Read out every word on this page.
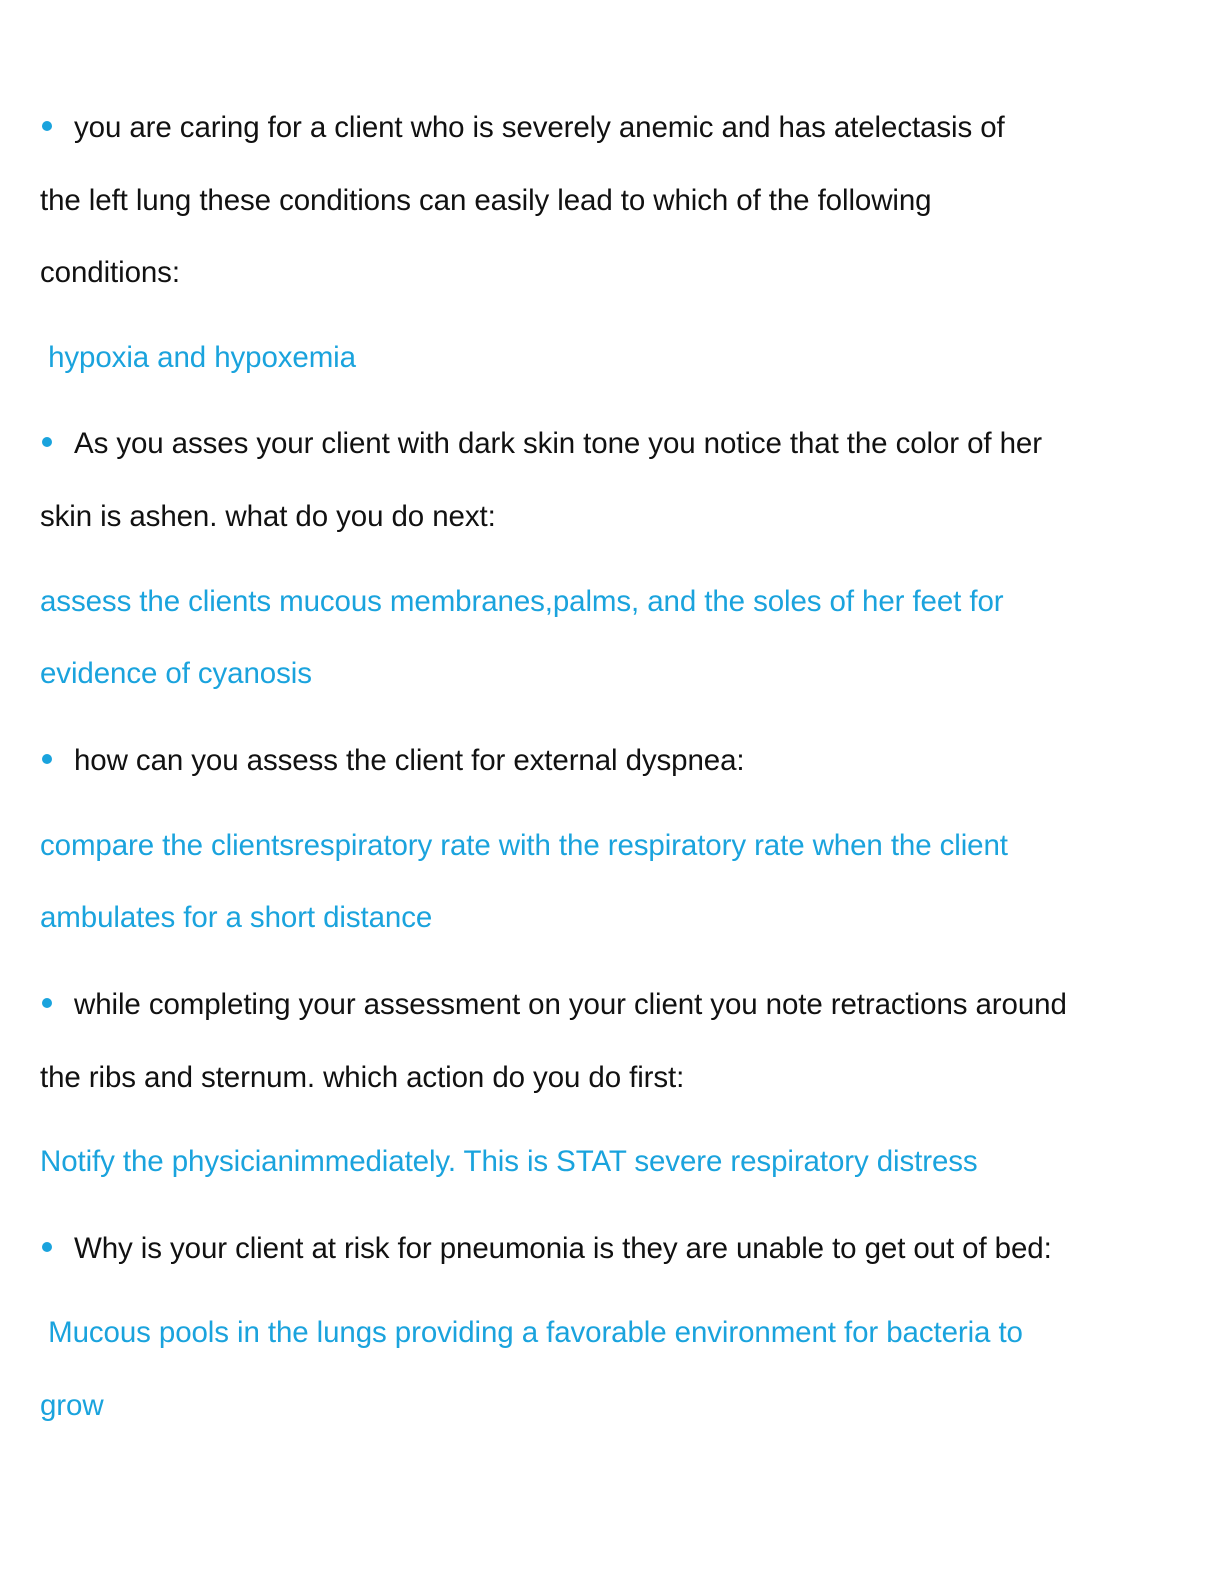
you are caring for a client who is severely anemic and has atelectasis of
the left lung these conditions can easily lead to which of the following
conditions:
hypoxia and hypoxemia
As you asses your client with dark skin tone you notice that the color of her
skin is ashen. what do you do next:
assess the clients mucous membranes,palms, and the soles of her feet for
evidence of cyanosis
how can you assess the client for external dyspnea:
compare the clientsrespiratory rate with the respiratory rate when the client
ambulates for a short distance
while completing your assessment on your client you note retractions around
the ribs and sternum. which action do you do first:
Notify the physicianimmediately. This is STAT severe respiratory distress
Why is your client at risk for pneumonia is they are unable to get out of bed:
Mucous pools in the lungs providing a favorable environment for bacteria to
grow
